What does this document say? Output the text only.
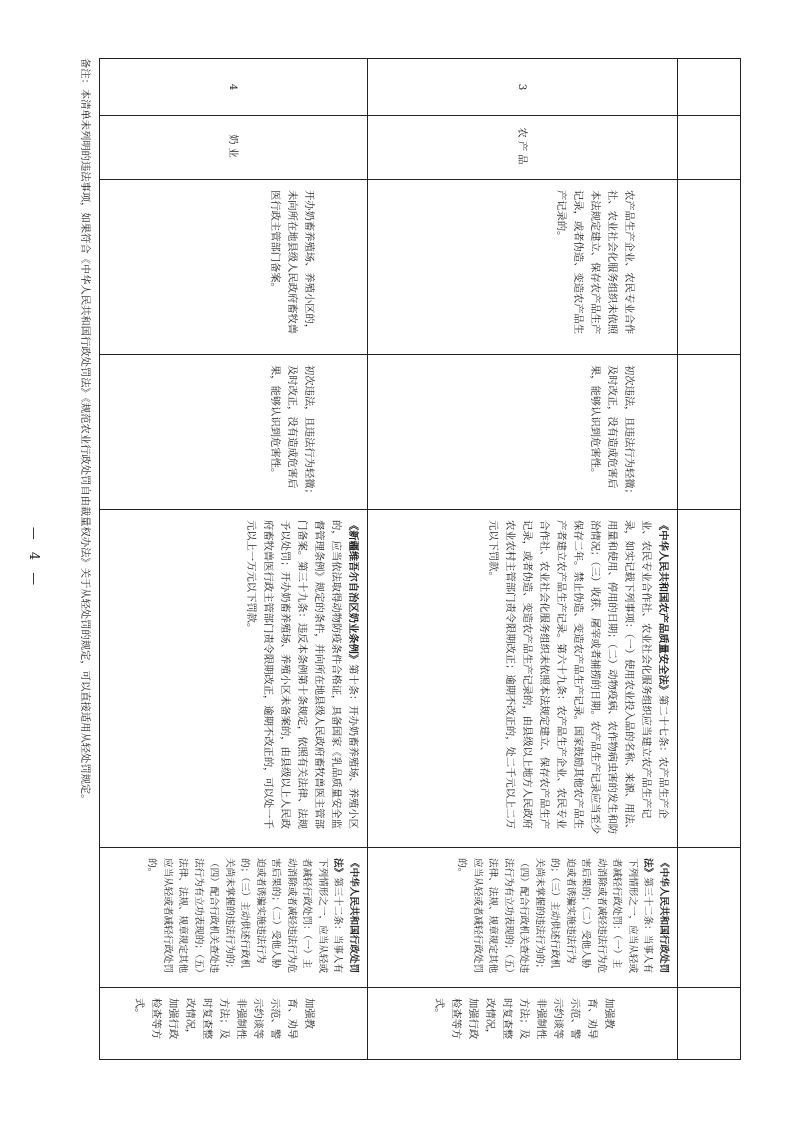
3
农产品
农产品生产企业、农民专业合作社、农业社会化服务组织未依照本法规定建立、保存农产品生产记录，或者伪造、变造农产品生产记录的。
初次违法，且违法行为轻微；及时改正，没有造成危害后果，能够认识到危害性。

《中华人民共和国农产品质量安全法》第二十七条：农产品生产企业、农民专业合作社、农业社会化服务组织应当建立农产品生产记录，如实记载下列事项：（一）使用农业投入品的名称、来源、用法、用量和使用、停用的日期；（二）动物疫病、农作物病虫害的发生和防治情况；（三）收获、屠宰或者捕捞的日期。农产品生产记录应当至少保存二年。禁止伪造、变造农产品生产记录。国家鼓励其他农产品生产者建立农产品生产记录。第六十九条：农产品生产企业、农民专业合作社、农业社会化服务组织未依照本法规定建立、保存农产品生产记录，或者伪造、变造农产品生产记录的，由县级以上地方人民政府农业农村主管部门责令限期改正；逾期不改正的，处二千元以上二万元以下罚款。

《中华人民共和国行政处罚法》第三十二条：当事人有下列情形之一，应当从轻或者减轻行政处罚：（一）主动消除或者减轻违法行为危害后果的；（二）受他人胁迫或者诱骗实施违法行为的；（三）主动供述行政机关尚未掌握的违法行为的；（四）配合行政机关查处违法行为有立功表现的；（五）法律、法规、规章规定其他应当从轻或者减轻行政处罚的。

加强教育、劝导示范、警示约谈等非强制性方法；及时复查整改情况，加强行政检查等方式。
4
奶业
开办奶畜养殖场、养殖小区的，未向所在地县级人民政府畜牧兽医行政主管部门备案。
初次违法，且违法行为轻微；及时改正，没有造成危害后果，能够认识到危害性。

《新疆维吾尔自治区奶业条例》第十条：开办奶畜养殖场、养殖小区的，应当依法取得动物防疫条件合格证，具备国家《乳品质量安全监督管理条例》规定的条件，并向所在地县级人民政府畜牧兽医主管部门备案。第三十九条：违反本条例第十条规定，依照有关法律、法规予以处罚；开办奶畜养殖场、养殖小区未备案的，由县级以上人民政府畜牧兽医行政主管部门责令限期改正，逾期不改正的，可以处一千元以上一万元以下罚款。

《中华人民共和国行政处罚法》第三十二条：当事人有下列情形之一，应当从轻或者减轻行政处罚：（一）主动消除或者减轻违法行为危害后果的；（二）受他人胁迫或者诱骗实施违法行为的；（三）主动供述行政机关尚未掌握的违法行为的；（四）配合行政机关查处违法行为有立功表现的；（五）法律、法规、规章规定其他应当从轻或者减轻行政处罚的。

加强教育、劝导示范、警示约谈等非强制性方法；及时复查整改情况，加强行政检查等方式。
备注：本清单未列明的违法事项，如果符合《中华人民共和国行政处罚法》《规范农业行政处罚自由裁量权办法》关于从轻处罚的规定，可以直接适用从轻处罚规定。
— 4 —
